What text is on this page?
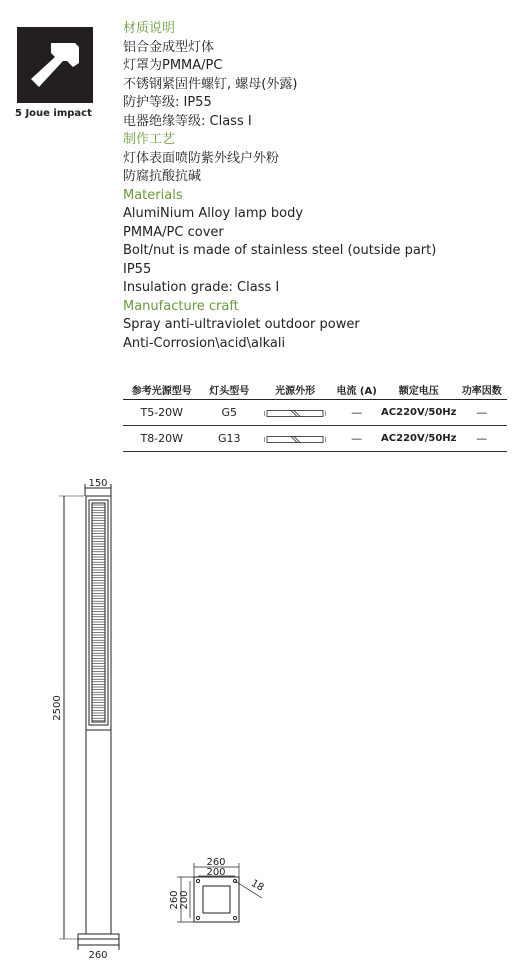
5 Joue impact
材质说明
铝合金成型灯体
灯罩为PMMA/PC
不锈钢紧固件螺钉, 螺母(外露)
防护等级: IP55
电器绝缘等级: Class I
制作工艺
灯体表面喷防紫外线户外粉
防腐抗酸抗碱
Materials
AlumiNium Alloy lamp body
PMMA/PC cover
Bolt/nut is made of stainless steel (outside part)
IP55
Insulation grade: Class I
Manufacture craft
Spray anti-ultraviolet outdoor power
Anti-Corrosion\acid\alkali
参考光源型号	灯头型号	光源外形	电流 (A)	额定电压	功率因数
T5-20W	G5		—	AC220V/50Hz	—
T8-20W	G13		—	AC220V/50Hz	—
150
260
2500
260
200
260 200
18
